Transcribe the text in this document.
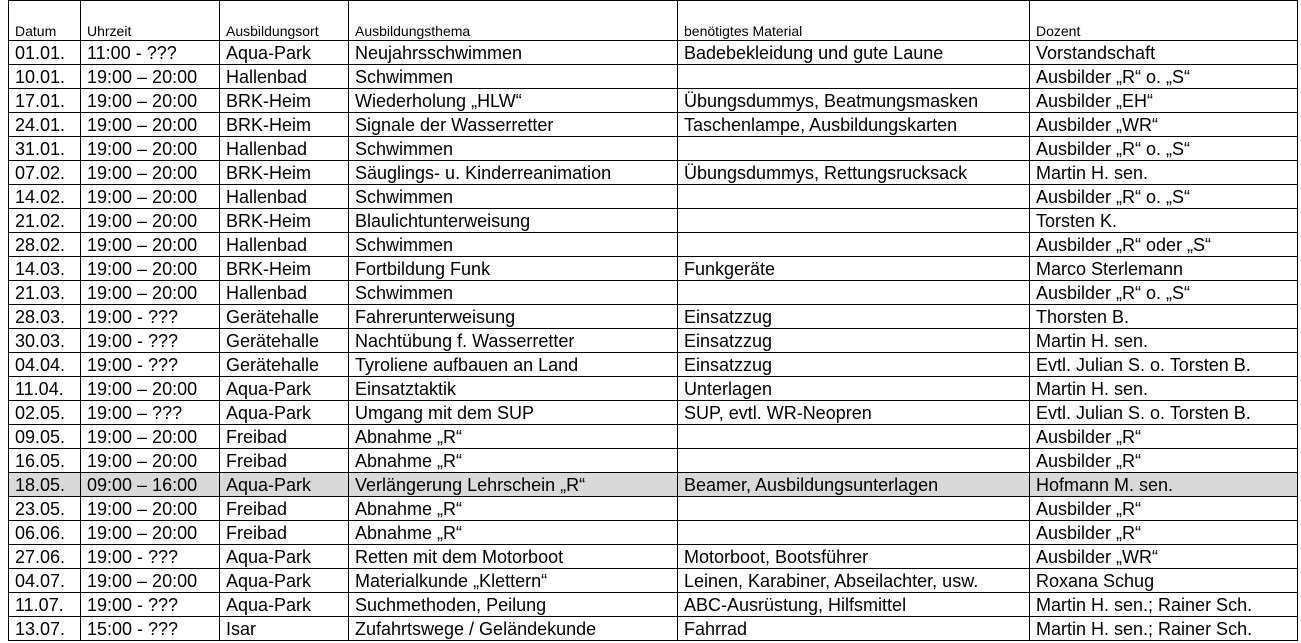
Datum	Uhrzeit	Ausbildungsort	Ausbildungsthema	benötigtes Material	Dozent
01.01.	11:00 - ???	Aqua-Park	Neujahrsschwimmen	Badebekleidung und gute Laune	Vorstandschaft
10.01.	19:00 – 20:00	Hallenbad	Schwimmen		Ausbilder „R“ o. „S“
17.01.	19:00 – 20:00	BRK-Heim	Wiederholung „HLW“	Übungsdummys, Beatmungsmasken	Ausbilder „EH“
24.01.	19:00 – 20:00	BRK-Heim	Signale der Wasserretter	Taschenlampe, Ausbildungskarten	Ausbilder „WR“
31.01.	19:00 – 20:00	Hallenbad	Schwimmen		Ausbilder „R“ o. „S“
07.02.	19:00 – 20:00	BRK-Heim	Säuglings- u. Kinderreanimation	Übungsdummys, Rettungsrucksack	Martin H. sen.
14.02.	19:00 – 20:00	Hallenbad	Schwimmen		Ausbilder „R“ o. „S“
21.02.	19:00 – 20:00	BRK-Heim	Blaulichtunterweisung		Torsten K.
28.02.	19:00 – 20:00	Hallenbad	Schwimmen		Ausbilder „R“ oder „S“
14.03.	19:00 – 20:00	BRK-Heim	Fortbildung Funk	Funkgeräte	Marco Sterlemann
21.03.	19:00 – 20:00	Hallenbad	Schwimmen		Ausbilder „R“ o. „S“
28.03.	19:00 - ???	Gerätehalle	Fahrerunterweisung	Einsatzzug	Thorsten B.
30.03.	19:00 - ???	Gerätehalle	Nachtübung f. Wasserretter	Einsatzzug	Martin H. sen.
04.04.	19:00 - ???	Gerätehalle	Tyroliene aufbauen an Land	Einsatzzug	Evtl. Julian S. o. Torsten B.
11.04.	19:00 – 20:00	Aqua-Park	Einsatztaktik	Unterlagen	Martin H. sen.
02.05.	19:00 – ???	Aqua-Park	Umgang mit dem SUP	SUP, evtl. WR-Neopren	Evtl. Julian S. o. Torsten B.
09.05.	19:00 – 20:00	Freibad	Abnahme „R“		Ausbilder „R“
16.05.	19:00 – 20:00	Freibad	Abnahme „R“		Ausbilder „R“
18.05.	09:00 – 16:00	Aqua-Park	Verlängerung Lehrschein „R“	Beamer, Ausbildungsunterlagen	Hofmann M. sen.
23.05.	19:00 – 20:00	Freibad	Abnahme „R“		Ausbilder „R“
06.06.	19:00 – 20:00	Freibad	Abnahme „R“		Ausbilder „R“
27.06.	19:00 - ???	Aqua-Park	Retten mit dem Motorboot	Motorboot, Bootsführer	Ausbilder „WR“
04.07.	19:00 – 20:00	Aqua-Park	Materialkunde „Klettern“	Leinen, Karabiner, Abseilachter, usw.	Roxana Schug
11.07.	19:00 - ???	Aqua-Park	Suchmethoden, Peilung	ABC-Ausrüstung, Hilfsmittel	Martin H. sen.; Rainer Sch.
13.07.	15:00 - ???	Isar	Zufahrtswege / Geländekunde	Fahrrad	Martin H. sen.; Rainer Sch.
